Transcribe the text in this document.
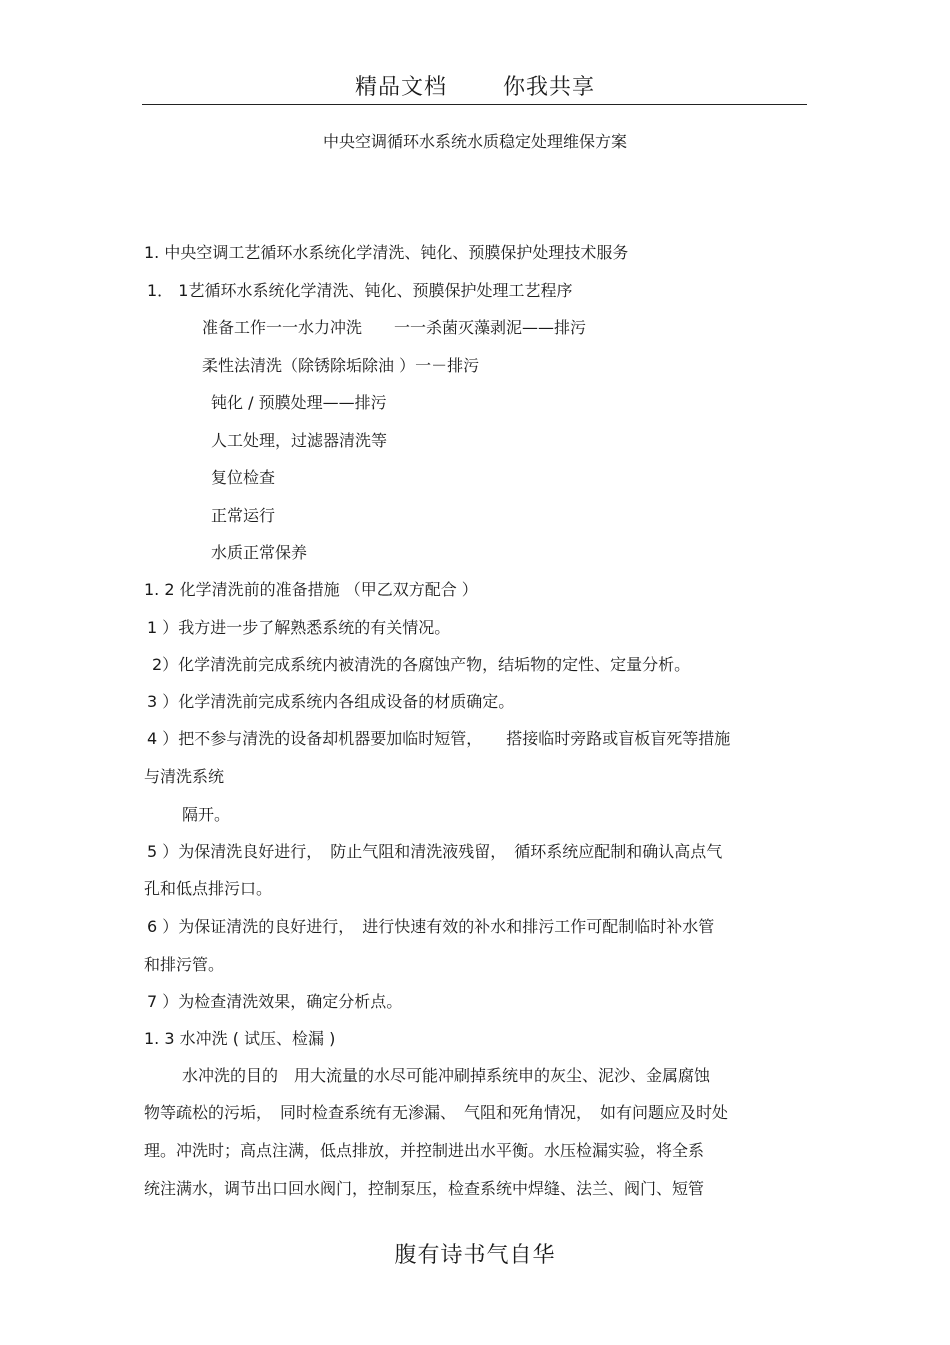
精品文档	你我共享
中央空调循环水系统水质稳定处理维保方案
1. 中央空调工艺循环水系统化学清洗、钝化、预膜保护处理技术服务
1． 1艺循环水系统化学清洗、钝化、预膜保护处理工艺程序
准备工作一一水力冲洗　　一一杀菌灭藻剥泥——排污
柔性法清洗（除锈除垢除油 ）一－排污
钝化 / 预膜处理——排污
人工处理，过滤器清洗等
复位检查
正常运行
水质正常保养
1. 2 化学清洗前的准备措施 （甲乙双方配合 ）
1 ）我方进一步了解熟悉系统的有关情况。
2）化学清洗前完成系统内被清洗的各腐蚀产物，结垢物的定性、定量分析。
3 ）化学清洗前完成系统内各组成设备的材质确定。
4 ）把不参与清洗的设备却机器要加临时短管，　　搭接临时旁路或盲板盲死等措施
与清洗系统
隔开。
5 ）为保清洗良好进行，　防止气阻和清洗液残留，　循环系统应配制和确认高点气
孔和低点排污口。
6 ）为保证清洗的良好进行，　进行快速有效的补水和排污工作可配制临时补水管
和排污管。
7 ）为检查清洗效果，确定分析点。
1. 3 水冲洗 ( 试压、检漏 )
水冲洗的目的　用大流量的水尽可能冲刷掉系统申的灰尘、泥沙、金属腐蚀
物等疏松的污垢，　同时检查系统有无渗漏、　气阻和死角情况，　如有问题应及时处
理。冲洗时；高点注满，低点排放，并控制进出水平衡。水压检漏实验，将全系
统注满水，调节出口回水阀门，控制泵压，检查系统中焊缝、法兰、阀门、短管
腹有诗书气自华
